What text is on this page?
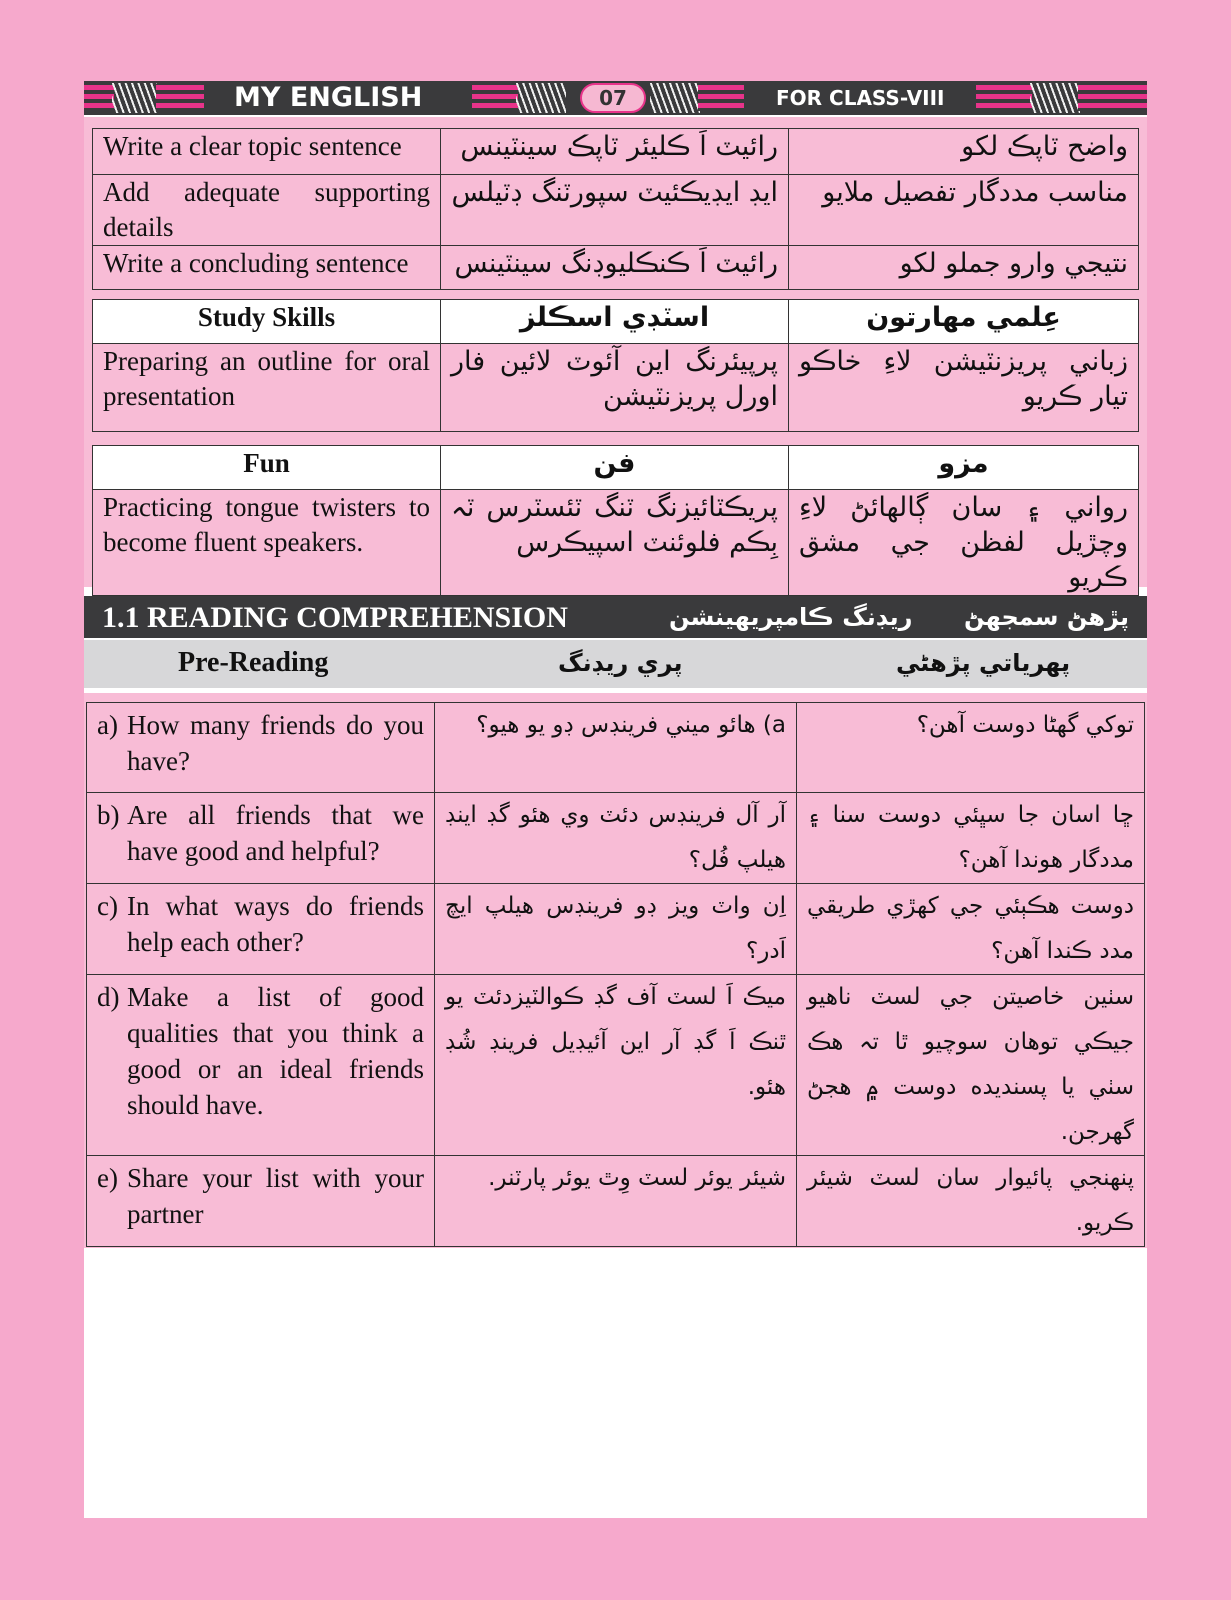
MY ENGLISH	07	FOR CLASS-VIII
Write a clear topic sentence	رائيٽ اَ ڪليئر ٽاپڪ سينٽينس	واضح ٽاپڪ لکو
Add adequate supporting details	ايڊ ايڊيڪئيٽ سپورٽنگ ڊٽيلس	مناسب مددگار تفصيل ملايو
Write a concluding sentence	رائيٽ اَ ڪنڪليوڊنگ سينٽينس	نتيجي وارو جملو لکو
Study Skills	اسٽڊي اسڪلز	عِلمي مهارتون
Preparing an outline for oral presentation	پرپيئرنگ اين آئوٽ لائين فار اورل پريزنٽيشن	زباني پريزنٽيشن لاءِ خاڪو تيار ڪريو
Fun	فن	مزو
Practicing tongue twisters to become fluent speakers.	پريڪٽائيزنگ ٽنگ ٽئسٽرس ٽہ بِڪم فلوئنٽ اسپيڪرس	رواني ۽ سان ڳالهائڻ لاءِ وچڙيل لفظن جي مشق ڪريو
1.1 READING COMPREHENSION	ريڊنگ ڪامپريهينشن پڙهڻ سمجهڻ
Pre-Reading	پري ريڊنگ	پهرياتي پڙهڻي
a) How many friends do you have?	a) هائو ميني فرينڊس ڊو يو هيو؟	توکي گهڻا دوست آهن؟

b) Are all friends that we have good and helpful?	آر آل فرينڊس دئٽ وي هئو گڊ اينڊ هيلپ فُل؟	ڇا اسان جا سڀئي دوست سنا ۽ مددگار هوندا آهن؟

c) In what ways do friends help each other?	اِن واٽ ويز ڊو فرينڊس هيلپ ايچ اَدر؟	دوست هڪٻئي جي کهڙي طريقي مدد ڪندا آهن؟

d) Make a list of good qualities that you think a good or an ideal friends should have.	ميڪ اَ لسٽ آف گڊ ڪوالٽيزدئٽ يو ٿنڪ اَ گڊ آر اين آئيڊيل فرينڊ شُڊ هئو.	سٺين خاصيتن جي لسٽ ناهيو جيڪي توهان سوچيو ٿا تہ هڪ سٺي يا پسنديده دوست ۾ هجڻ گهرجن.

e) Share your list with your partner	شيئر يوئر لسٽ وِٿ يوئر پارٽنر.	پنهنجي پائيوار سان لسٽ شيئر ڪريو.
